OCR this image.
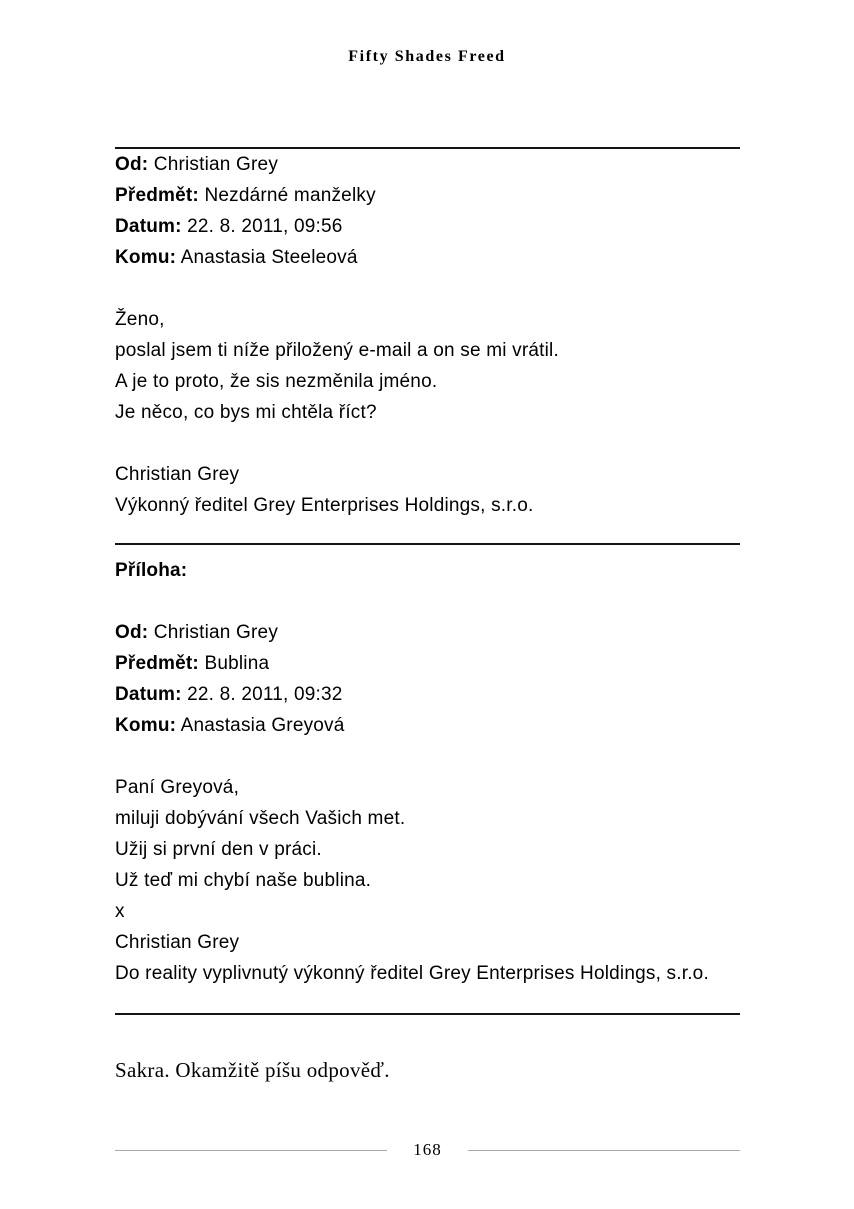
Fifty Shades Freed

Od: Christian Grey

Předmět: Nezdárné manželky

Datum: 22. 8. 2011, 09:56

Komu: Anastasia Steeleová

Ženo,

poslal jsem ti níže přiložený e-mail a on se mi vrátil.

A je to proto, že sis nezměnila jméno.

Je něco, co bys mi chtěla říct?

Christian Grey

Výkonný ředitel Grey Enterprises Holdings, s.r.o.

Příloha:

Od: Christian Grey

Předmět: Bublina

Datum: 22. 8. 2011, 09:32

Komu: Anastasia Greyová

Paní Greyová,

miluji dobývání všech Vašich met.

Užij si první den v práci.

Už teď mi chybí naše bublina.

x

Christian Grey

Do reality vyplivnutý výkonný ředitel Grey Enterprises Holdings, s.r.o.

Sakra. Okamžitě píšu odpověď.

168
